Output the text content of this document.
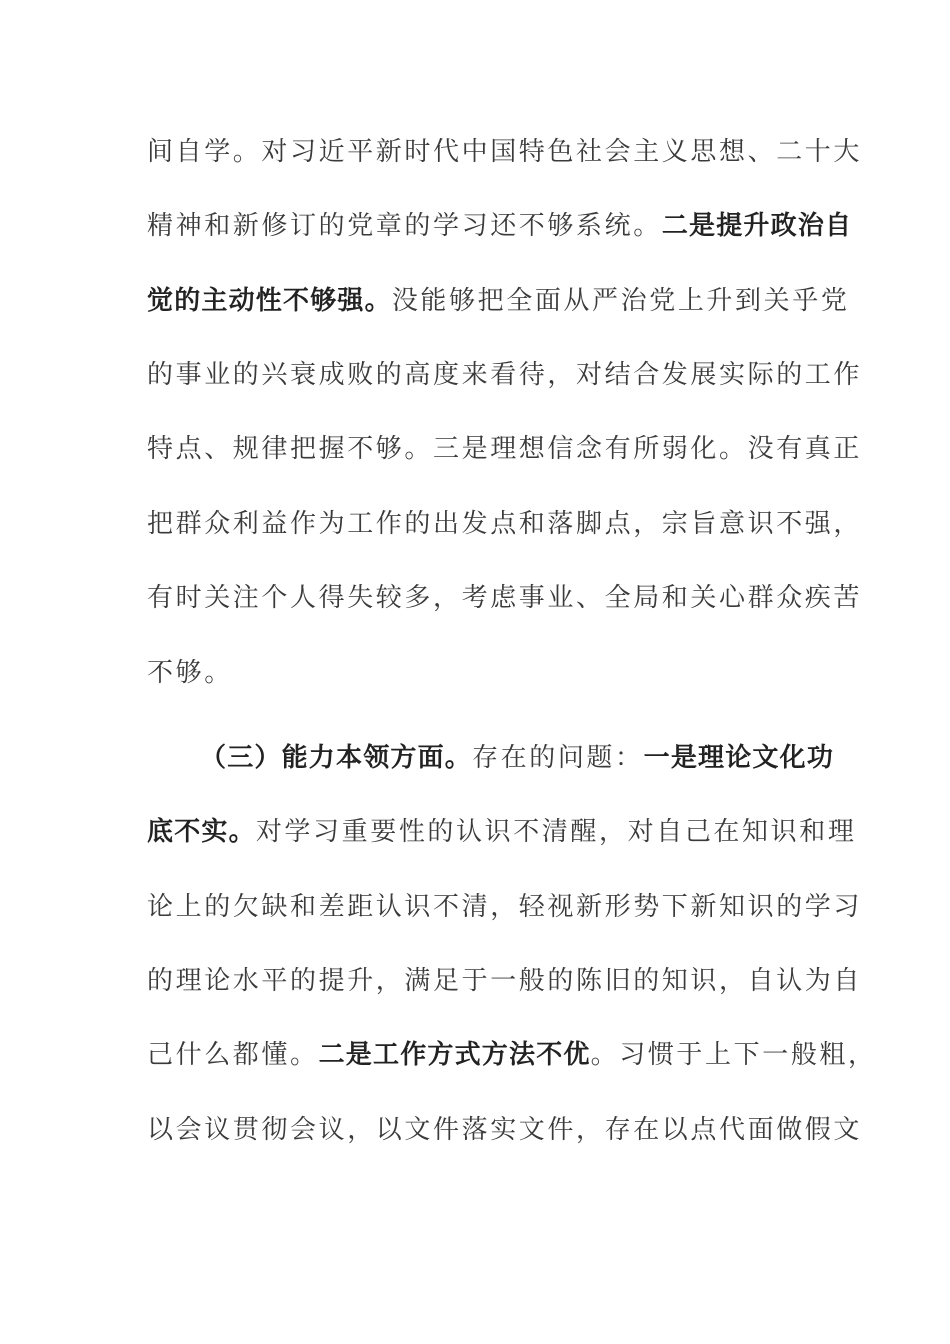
间自学。对习近平新时代中国特色社会主义思想、二十大
精神和新修订的党章的学习还不够系统。二是提升政治自
觉的主动性不够强。没能够把全面从严治党上升到关乎党
的事业的兴衰成败的高度来看待，对结合发展实际的工作
特点、规律把握不够。三是理想信念有所弱化。没有真正
把群众利益作为工作的出发点和落脚点，宗旨意识不强，
有时关注个人得失较多，考虑事业、全局和关心群众疾苦
不够。
（三）能力本领方面。存在的问题：一是理论文化功
底不实。对学习重要性的认识不清醒，对自己在知识和理
论上的欠缺和差距认识不清，轻视新形势下新知识的学习
的理论水平的提升，满足于一般的陈旧的知识，自认为自
己什么都懂。二是工作方式方法不优。习惯于上下一般粗，
以会议贯彻会议，以文件落实文件，存在以点代面做假文
